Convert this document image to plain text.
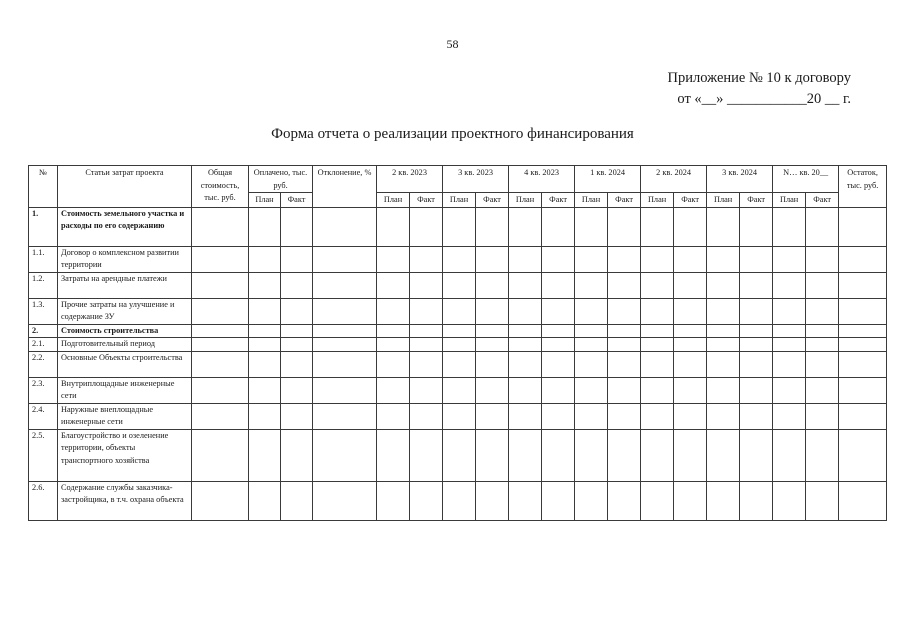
58
Приложение № 10 к договору
от «__» ___________20 __ г.
Форма отчета о реализации проектного финансирования
№	Статьи затрат проекта	Общая стоимость, тыс. руб.	Оплачено, тыс. руб.		Отклонение, %	2 кв. 2023		3 кв. 2023		4 кв. 2023		1 кв. 2024		2 кв. 2024		3 кв. 2024		N… кв. 20__		Остаток, тыс. руб.
			План	Факт		План	Факт	План	Факт	План	Факт	План	Факт	План	Факт	План	Факт	План	Факт	
1.	Стоимость земельного участка и расходы по его содержанию																			
1.1.	Договор о комплексном развитии территории																			
1.2.	Затраты на арендные платежи																			
1.3.	Прочие затраты на улучшение и содержание ЗУ																			
2.	Стоимость строительства																			
2.1.	Подготовительный период																			
2.2.	Основные Объекты строительства																			
2.3.	Внутриплощадные инженерные сети																			
2.4.	Наружные внеплощадные инженерные сети																			
2.5.	Благоустройство и озеленение территории, объекты транспортного хозяйства																			
2.6.	Содержание службы заказчика-застройщика, в т.ч. охрана объекта																			
